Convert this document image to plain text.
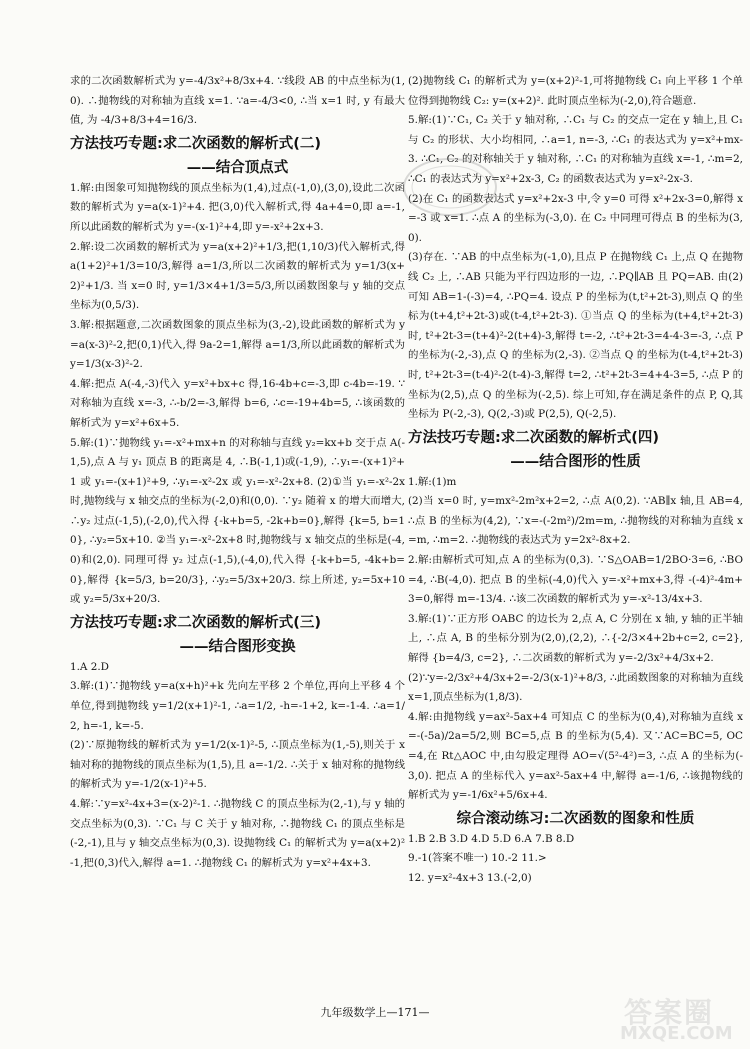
求的二次函数解析式为 y=-4/3x²+8/3x+4. ∵线段 AB 的中点坐标为(1,0). ∴抛物线的对称轴为直线 x=1. ∵a=-4/3<0, ∴当 x=1 时, y 有最大值, 为 -4/3+8/3+4=16/3.

方法技巧专题:求二次函数的解析式(二)
——结合顶点式

1.解:由图象可知抛物线的顶点坐标为(1,4),过点(-1,0),(3,0),设此二次函数的解析式为 y=a(x-1)²+4. 把(3,0)代入解析式,得 4a+4=0,即 a=-1,所以此函数的解析式为 y=-(x-1)²+4,即 y=-x²+2x+3.

2.解:设二次函数的解析式为 y=a(x+2)²+1/3,把(1,10/3)代入解析式,得 a(1+2)²+1/3=10/3,解得 a=1/3,所以二次函数的解析式为 y=1/3(x+2)²+1/3. 当 x=0 时, y=1/3×4+1/3=5/3,所以函数图象与 y 轴的交点坐标为(0,5/3).

3.解:根据题意,二次函数图象的顶点坐标为(3,-2),设此函数的解析式为 y=a(x-3)²-2,把(0,1)代入,得 9a-2=1,解得 a=1/3,所以此函数的解析式为 y=1/3(x-3)²-2.

4.解:把点 A(-4,-3)代入 y=x²+bx+c 得,16-4b+c=-3,即 c-4b=-19. ∵对称轴为直线 x=-3, ∴-b/2=-3,解得 b=6, ∴c=-19+4b=5, ∴该函数的解析式为 y=x²+6x+5.

5.解:(1)∵抛物线 y₁=-x²+mx+n 的对称轴与直线 y₂=kx+b 交于点 A(-1,5),点 A 与 y₁ 顶点 B 的距离是 4, ∴B(-1,1)或(-1,9), ∴y₁=-(x+1)²+1 或 y₁=-(x+1)²+9, ∴y₁=-x²-2x 或 y₁=-x²-2x+8. (2)①当 y₁=-x²-2x 时,抛物线与 x 轴交点的坐标为(-2,0)和(0,0). ∵y₂ 随着 x 的增大而增大, ∴y₂ 过点(-1,5),(-2,0),代入得 {-k+b=5, -2k+b=0},解得 {k=5, b=10}, ∴y₂=5x+10. ②当 y₁=-x²-2x+8 时,抛物线与 x 轴交点的坐标是(-4,0)和(2,0). 同理可得 y₂ 过点(-1,5),(-4,0),代入得 {-k+b=5, -4k+b=0},解得 {k=5/3, b=20/3}, ∴y₂=5/3x+20/3. 综上所述, y₂=5x+10 或 y₂=5/3x+20/3.

方法技巧专题:求二次函数的解析式(三)
——结合图形变换

1.A 2.D

3.解:(1)∵抛物线 y=a(x+h)²+k 先向左平移 2 个单位,再向上平移 4 个单位,得到抛物线 y=1/2(x+1)²-1, ∴a=1/2, -h=-1+2, k=-1-4. ∴a=1/2, h=-1, k=-5.

(2)∵原抛物线的解析式为 y=1/2(x-1)²-5, ∴顶点坐标为(1,-5),则关于 x 轴对称的抛物线的顶点坐标为(1,5),且 a=-1/2. ∴关于 x 轴对称的抛物线的解析式为 y=-1/2(x-1)²+5.

4.解:∵y=x²-4x+3=(x-2)²-1. ∴抛物线 C 的顶点坐标为(2,-1),与 y 轴的交点坐标为(0,3). ∵C₁ 与 C 关于 y 轴对称, ∴抛物线 C₁ 的顶点坐标是(-2,-1),且与 y 轴交点坐标为(0,3). 设抛物线 C₁ 的解析式为 y=a(x+2)²-1,把(0,3)代入,解得 a=1. ∴抛物线 C₁ 的解析式为 y=x²+4x+3.

(2)抛物线 C₁ 的解析式为 y=(x+2)²-1,可将抛物线 C₁ 向上平移 1 个单位得到抛物线 C₂: y=(x+2)². 此时顶点坐标为(-2,0),符合题意.

5.解:(1)∵C₁, C₂ 关于 y 轴对称, ∴C₁ 与 C₂ 的交点一定在 y 轴上,且 C₁ 与 C₂ 的形状、大小均相同, ∴a=1, n=-3, ∴C₁ 的表达式为 y=x²+mx-3. ∴C₁, C₂ 的对称轴关于 y 轴对称, ∴C₁ 的对称轴为直线 x=-1, ∴m=2, ∴C₁ 的表达式为 y=x²+2x-3, C₂ 的函数表达式为 y=x²-2x-3.

(2)在 C₁ 的函数表达式 y=x²+2x-3 中,令 y=0 可得 x²+2x-3=0,解得 x=-3 或 x=1. ∴点 A 的坐标为(-3,0). 在 C₂ 中同理可得点 B 的坐标为(3,0).

(3)存在. ∵AB 的中点坐标为(-1,0),且点 P 在抛物线 C₁ 上,点 Q 在抛物线 C₂ 上, ∴AB 只能为平行四边形的一边, ∴PQ∥AB 且 PQ=AB. 由(2)可知 AB=1-(-3)=4, ∴PQ=4. 设点 P 的坐标为(t,t²+2t-3),则点 Q 的坐标为(t+4,t²+2t-3)或(t-4,t²+2t-3). ①当点 Q 的坐标为(t+4,t²+2t-3)时, t²+2t-3=(t+4)²-2(t+4)-3,解得 t=-2, ∴t²+2t-3=4-4-3=-3, ∴点 P 的坐标为(-2,-3),点 Q 的坐标为(2,-3). ②当点 Q 的坐标为(t-4,t²+2t-3)时, t²+2t-3=(t-4)²-2(t-4)-3,解得 t=2, ∴t²+2t-3=4+4-3=5, ∴点 P 的坐标为(2,5),点 Q 的坐标为(-2,5). 综上可知,存在满足条件的点 P, Q,其坐标为 P(-2,-3), Q(2,-3)或 P(2,5), Q(-2,5).

方法技巧专题:求二次函数的解析式(四)
——结合图形的性质

1.解:(1)m

(2)当 x=0 时, y=mx²-2m²x+2=2, ∴点 A(0,2). ∵AB∥x 轴,且 AB=4, ∴点 B 的坐标为(4,2), ∵x=-(-2m²)/2m=m, ∴抛物线的对称轴为直线 x=m, ∴m=2. ∴抛物线的表达式为 y=2x²-8x+2.

2.解:由解析式可知,点 A 的坐标为(0,3). ∵S△OAB=1/2BO·3=6, ∴BO=4, ∴B(-4,0). 把点 B 的坐标(-4,0)代入 y=-x²+mx+3,得 -(-4)²-4m+3=0,解得 m=-13/4. ∴该二次函数的解析式为 y=-x²-13/4x+3.

3.解:(1)∵正方形 OABC 的边长为 2,点 A, C 分别在 x 轴, y 轴的正半轴上, ∴点 A, B 的坐标分别为(2,0),(2,2), ∴{-2/3×4+2b+c=2, c=2},解得 {b=4/3, c=2}, ∴二次函数的解析式为 y=-2/3x²+4/3x+2.

(2)∵y=-2/3x²+4/3x+2=-2/3(x-1)²+8/3, ∴此函数图象的对称轴为直线 x=1,顶点坐标为(1,8/3).

4.解:由抛物线 y=ax²-5ax+4 可知点 C 的坐标为(0,4),对称轴为直线 x=-(-5a)/2a=5/2,则 BC=5,点 B 的坐标为(5,4). 又∵AC=BC=5, OC=4,在 Rt△AOC 中,由勾股定理得 AO=√(5²-4²)=3, ∴点 A 的坐标为(-3,0). 把点 A 的坐标代入 y=ax²-5ax+4 中,解得 a=-1/6, ∴该抛物线的解析式为 y=-1/6x²+5/6x+4.

综合滚动练习:二次函数的图象和性质

1.B 2.B 3.D 4.D 5.D 6.A 7.B 8.D

9.-1(答案不唯一) 10.-2 11.>

12. y=x²-4x+3 13.(-2,0)

九年级数学上—171—	答案圈
MXQE.COM
